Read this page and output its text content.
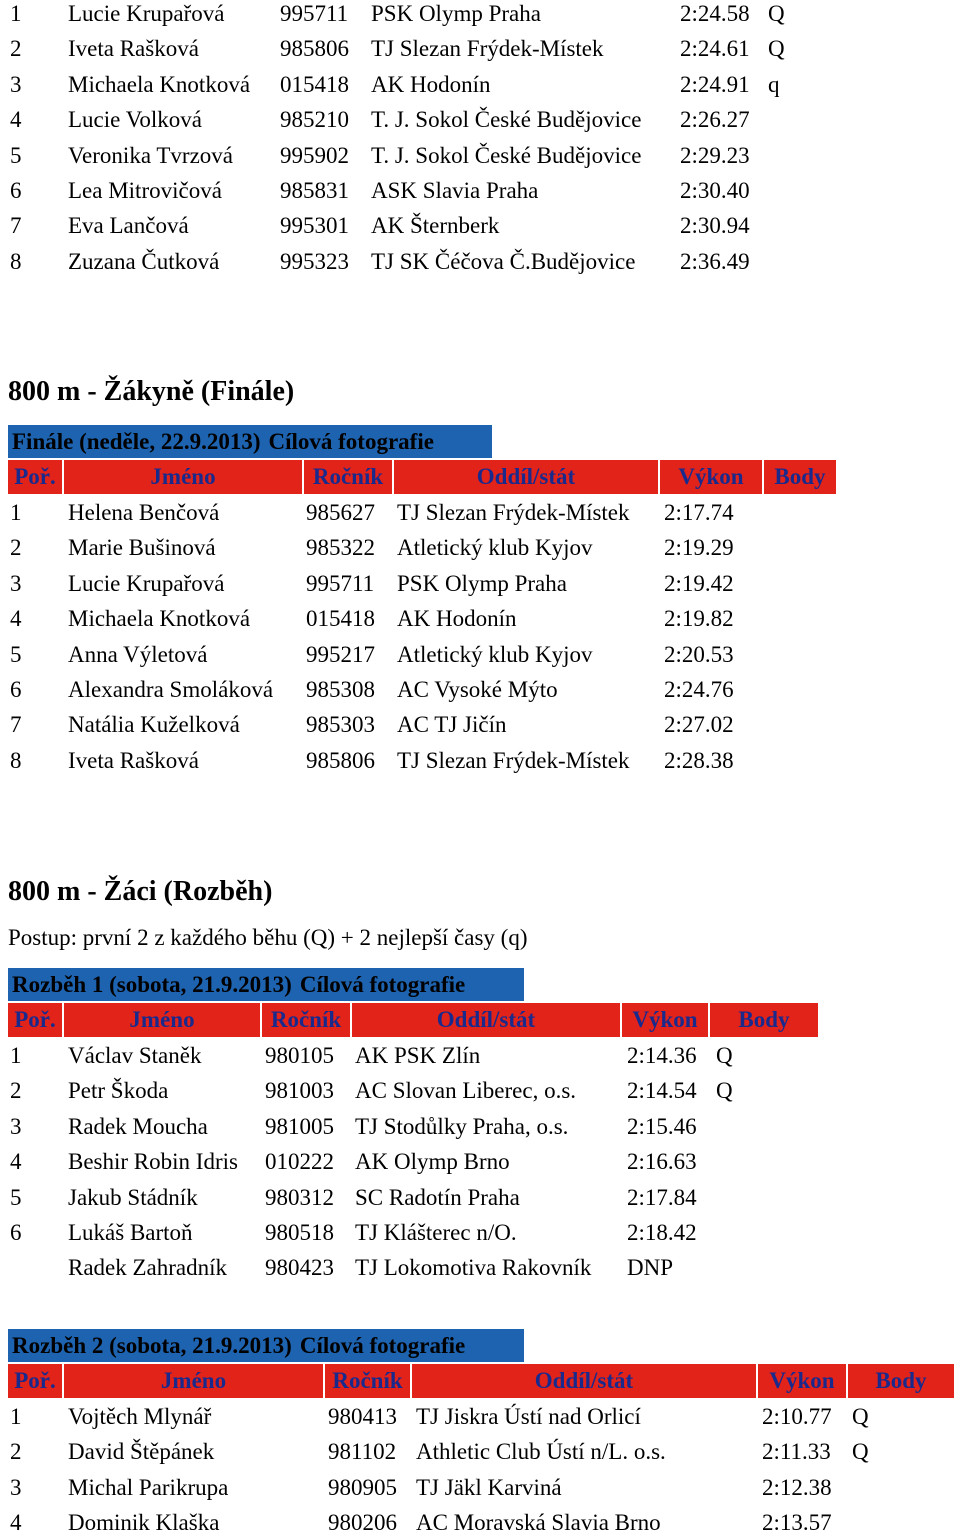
1 Lucie Krupařová 995711 PSK Olymp Praha	2:24.58 Q
2 Iveta Rašková	985806 TJ Slezan Frýdek-Místek	2:24.61 Q
3 Michaela Knotková 015418 AK Hodonín	2:24.91 q
4 Lucie Volková	985210 T. J. Sokol České Budějovice 2:26.27
5 Veronika Tvrzová 995902 T. J. Sokol České Budějovice 2:29.23
6 Lea Mitrovičová	985831 ASK Slavia Praha	2:30.40
7 Eva Lančová	995301 AK Šternberk	2:30.94
8 Zuzana Čutková	995323 TJ SK Čéčova Č.Budějovice 2:36.49
800 m - Žákyně (Finále)
Finále (neděle, 22.9.2013) Cílová fotografie
Poř.	Jméno	Ročník	Oddíl/stát	Výkon	Body
1 Helena Benčová	985627 TJ Slezan Frýdek-Místek 2:17.74
2 Marie Bušinová	985322 Atletický klub Kyjov	2:19.29
3 Lucie Krupařová	995711 PSK Olymp Praha	2:19.42
4 Michaela Knotková 015418 AK Hodonín	2:19.82
5 Anna Výletová	995217 Atletický klub Kyjov	2:20.53
6 Alexandra Smoláková 985308 AC Vysoké Mýto	2:24.76
7 Natália Kuželková	985303 AC TJ Jičín	2:27.02
8 Iveta Rašková	985806 TJ Slezan Frýdek-Místek 2:28.38
800 m - Žáci (Rozběh)
Postup: první 2 z každého běhu (Q) + 2 nejlepší časy (q)
Rozběh 1 (sobota, 21.9.2013) Cílová fotografie
Poř.	Jméno	Ročník	Oddíl/stát	Výkon	Body
1 Václav Staněk	980105 AK PSK Zlín	2:14.36 Q
2 Petr Škoda	981003 AC Slovan Liberec, o.s. 2:14.54 Q
3 Radek Moucha 981005 TJ Stodůlky Praha, o.s.	2:15.46
4 Beshir Robin Idris 010222 AK Olymp Brno	2:16.63
5 Jakub Stádník	980312 SC Radotín Praha	2:17.84
6 Lukáš Bartoň	980518 TJ Klášterec n/O.	2:18.42
Radek Zahradník 980423 TJ Lokomotiva Rakovník DNP
Rozběh 2 (sobota, 21.9.2013) Cílová fotografie
Poř.	Jméno	Ročník	Oddíl/stát	Výkon	Body
1 Vojtěch Mlynář	980413 TJ Jiskra Ústí nad Orlicí	2:10.77 Q
2 David Štěpánek	981102 Athletic Club Ústí n/L. o.s.	2:11.33 Q
3 Michal Parikrupa	980905 TJ Jäkl Karviná	2:12.38
4 Dominik Klaška	980206 AC Moravská Slavia Brno	2:13.57
